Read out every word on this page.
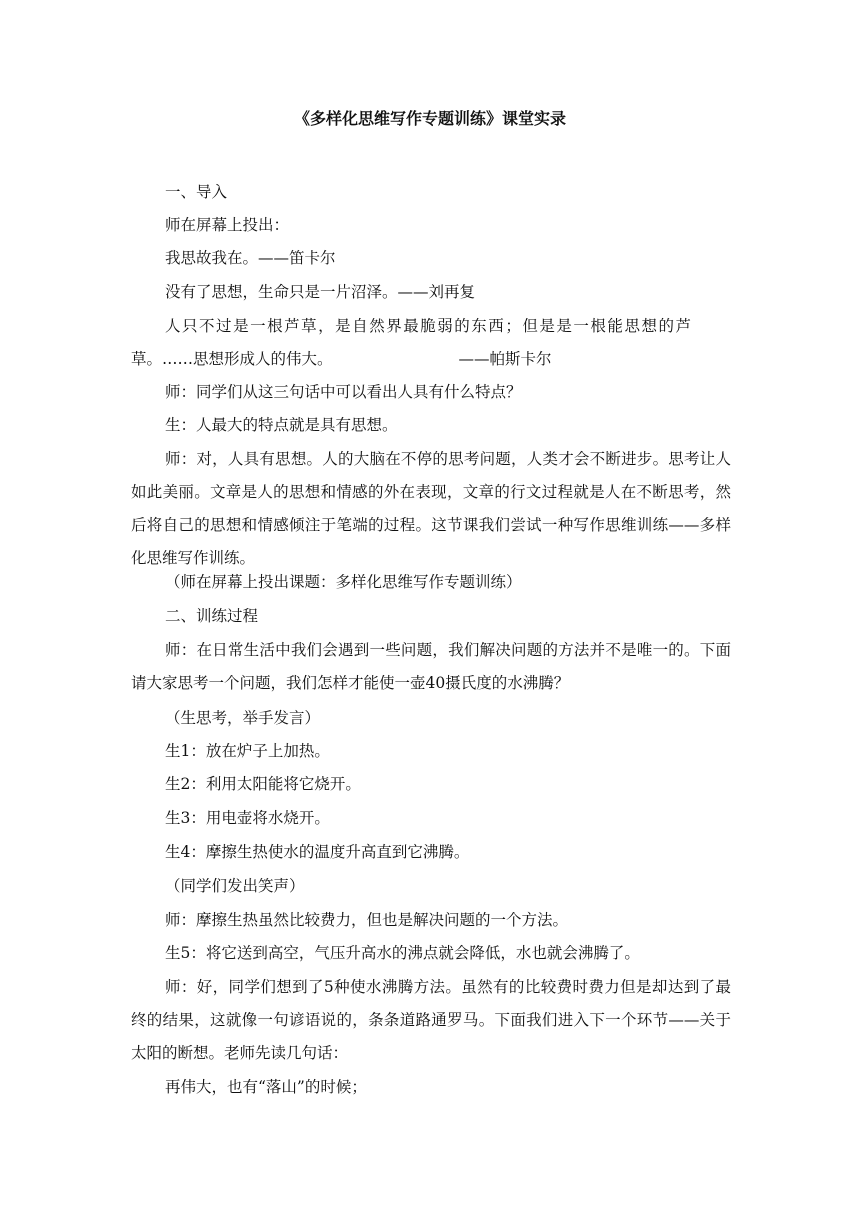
《多样化思维写作专题训练》课堂实录

一、导入

师在屏幕上投出：

我思故我在。——笛卡尔

没有了思想，生命只是一片沼泽。——刘再复

人只不过是一根芦草，是自然界最脆弱的东西；但是是一根能思想的芦草。……思想形成人的伟大。	——帕斯卡尔

师：同学们从这三句话中可以看出人具有什么特点？

生：人最大的特点就是具有思想。

师：对，人具有思想。人的大脑在不停的思考问题，人类才会不断进步。思考让人如此美丽。文章是人的思想和情感的外在表现，文章的行文过程就是人在不断思考，然后将自己的思想和情感倾注于笔端的过程。这节课我们尝试一种写作思维训练——多样化思维写作训练。

（师在屏幕上投出课题：多样化思维写作专题训练）

二、训练过程

师：在日常生活中我们会遇到一些问题，我们解决问题的方法并不是唯一的。下面请大家思考一个问题，我们怎样才能使一壶40摄氏度的水沸腾？

（生思考，举手发言）

生1：放在炉子上加热。

生2：利用太阳能将它烧开。

生3：用电壶将水烧开。

生4：摩擦生热使水的温度升高直到它沸腾。

（同学们发出笑声）

师：摩擦生热虽然比较费力，但也是解决问题的一个方法。

生5：将它送到高空，气压升高水的沸点就会降低，水也就会沸腾了。

师：好，同学们想到了5种使水沸腾方法。虽然有的比较费时费力但是却达到了最终的结果，这就像一句谚语说的，条条道路通罗马。下面我们进入下一个环节——关于太阳的断想。老师先读几句话：

再伟大，也有“落山”的时候；
